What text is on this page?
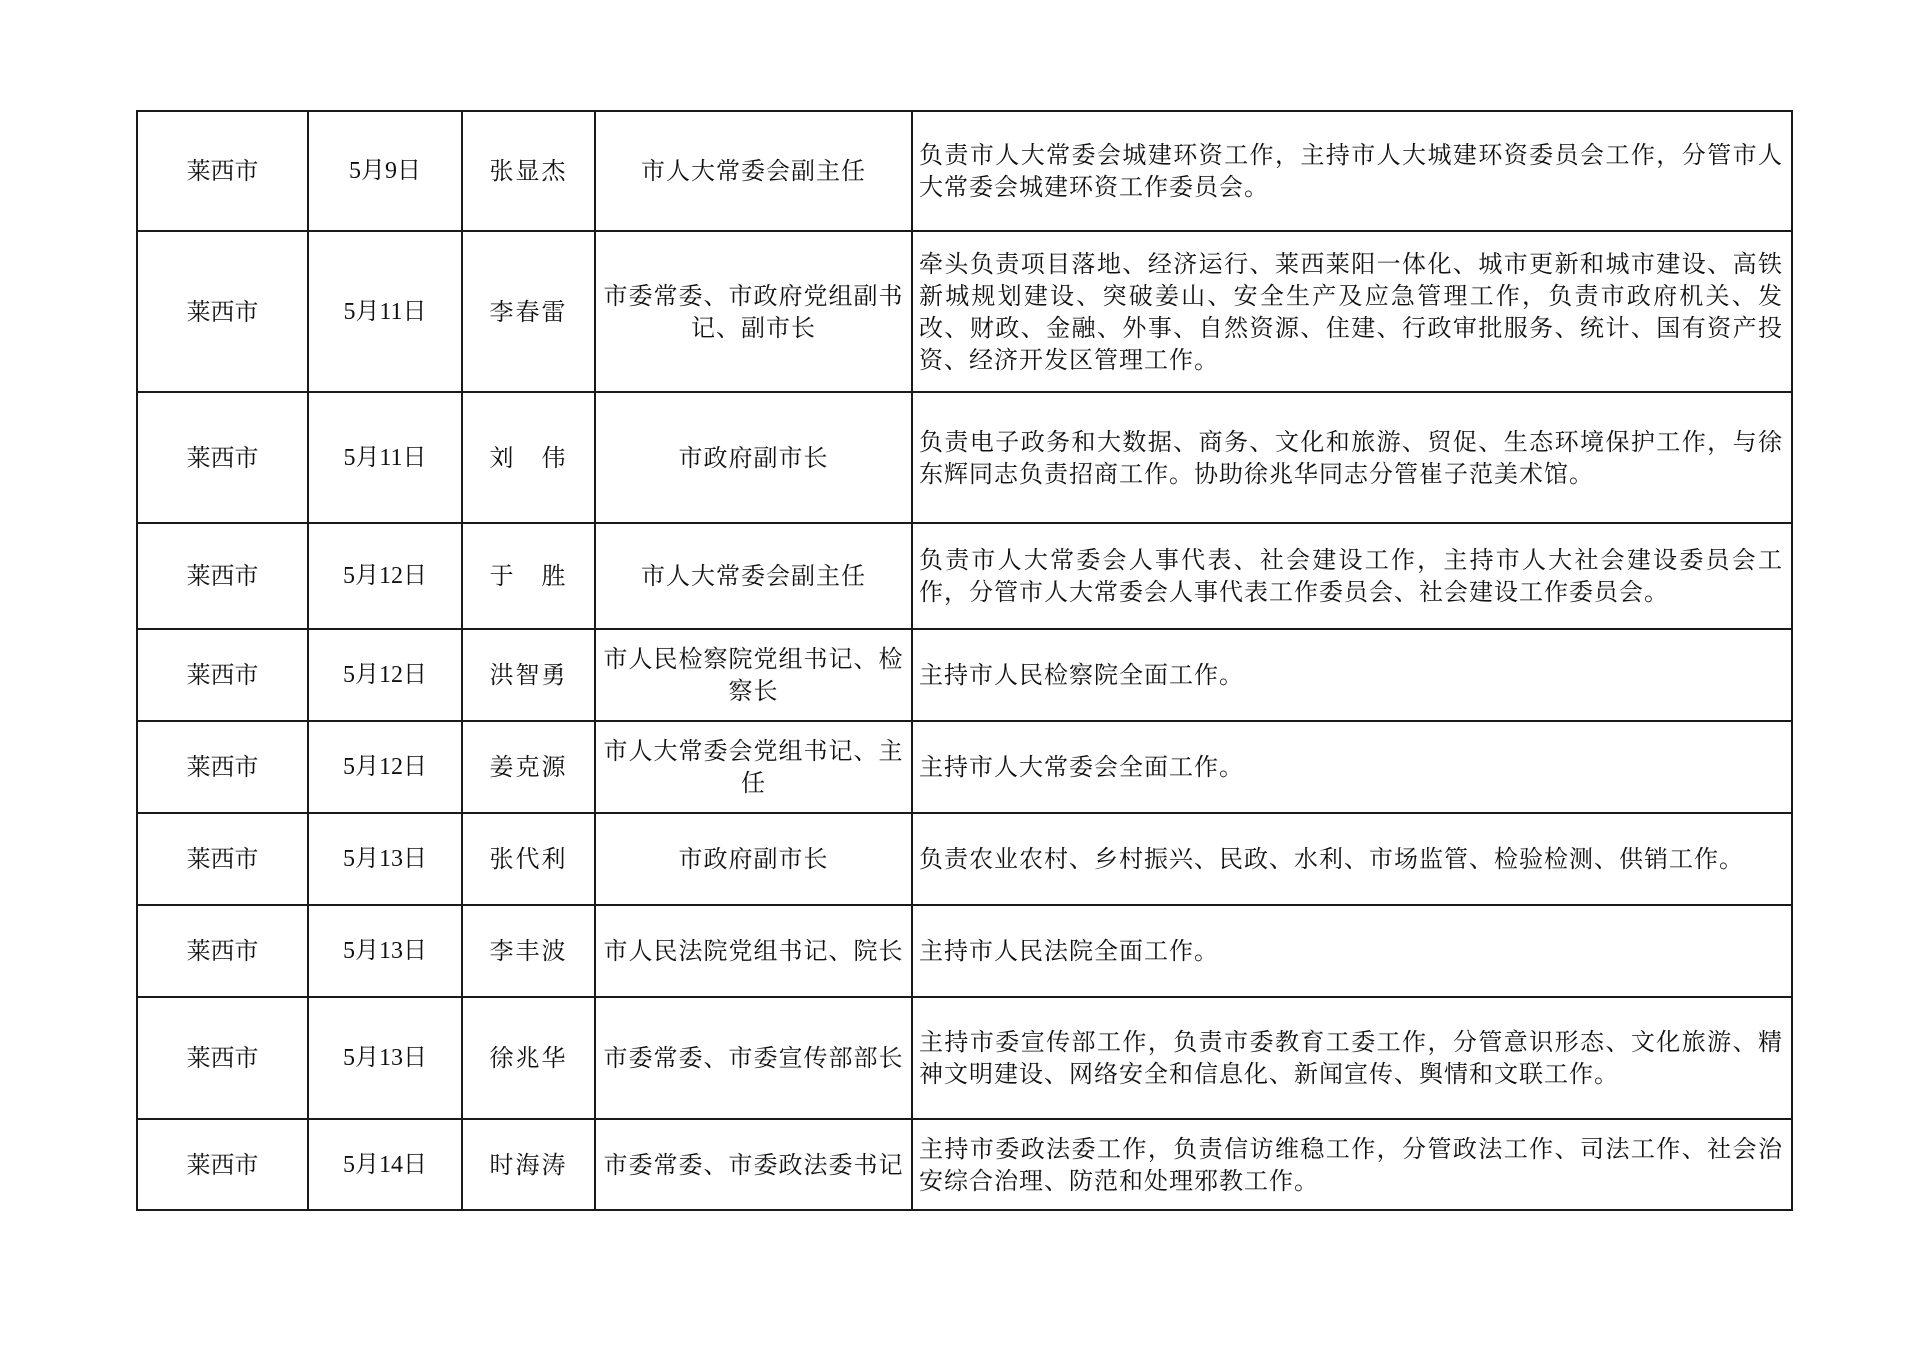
莱西市	5月9日	张显杰	市人大常委会副主任	负责市人大常委会城建环资工作，主持市人大城建环资委员会工作，分管市人大常委会城建环资工作委员会。
莱西市	5月11日	李春雷	市委常委、市政府党组副书记、副市长	牵头负责项目落地、经济运行、莱西莱阳一体化、城市更新和城市建设、高铁新城规划建设、突破姜山、安全生产及应急管理工作，负责市政府机关、发改、财政、金融、外事、自然资源、住建、行政审批服务、统计、国有资产投资、经济开发区管理工作。
莱西市	5月11日	刘　伟	市政府副市长	负责电子政务和大数据、商务、文化和旅游、贸促、生态环境保护工作，与徐东辉同志负责招商工作。协助徐兆华同志分管崔子范美术馆。
莱西市	5月12日	于　胜	市人大常委会副主任	负责市人大常委会人事代表、社会建设工作，主持市人大社会建设委员会工作，分管市人大常委会人事代表工作委员会、社会建设工作委员会。
莱西市	5月12日	洪智勇	市人民检察院党组书记、检察长	主持市人民检察院全面工作。
莱西市	5月12日	姜克源	市人大常委会党组书记、主任	主持市人大常委会全面工作。
莱西市	5月13日	张代利	市政府副市长	负责农业农村、乡村振兴、民政、水利、市场监管、检验检测、供销工作。
莱西市	5月13日	李丰波	市人民法院党组书记、院长	主持市人民法院全面工作。
莱西市	5月13日	徐兆华	市委常委、市委宣传部部长	主持市委宣传部工作，负责市委教育工委工作，分管意识形态、文化旅游、精神文明建设、网络安全和信息化、新闻宣传、舆情和文联工作。
莱西市	5月14日	时海涛	市委常委、市委政法委书记	主持市委政法委工作，负责信访维稳工作，分管政法工作、司法工作、社会治安综合治理、防范和处理邪教工作。
